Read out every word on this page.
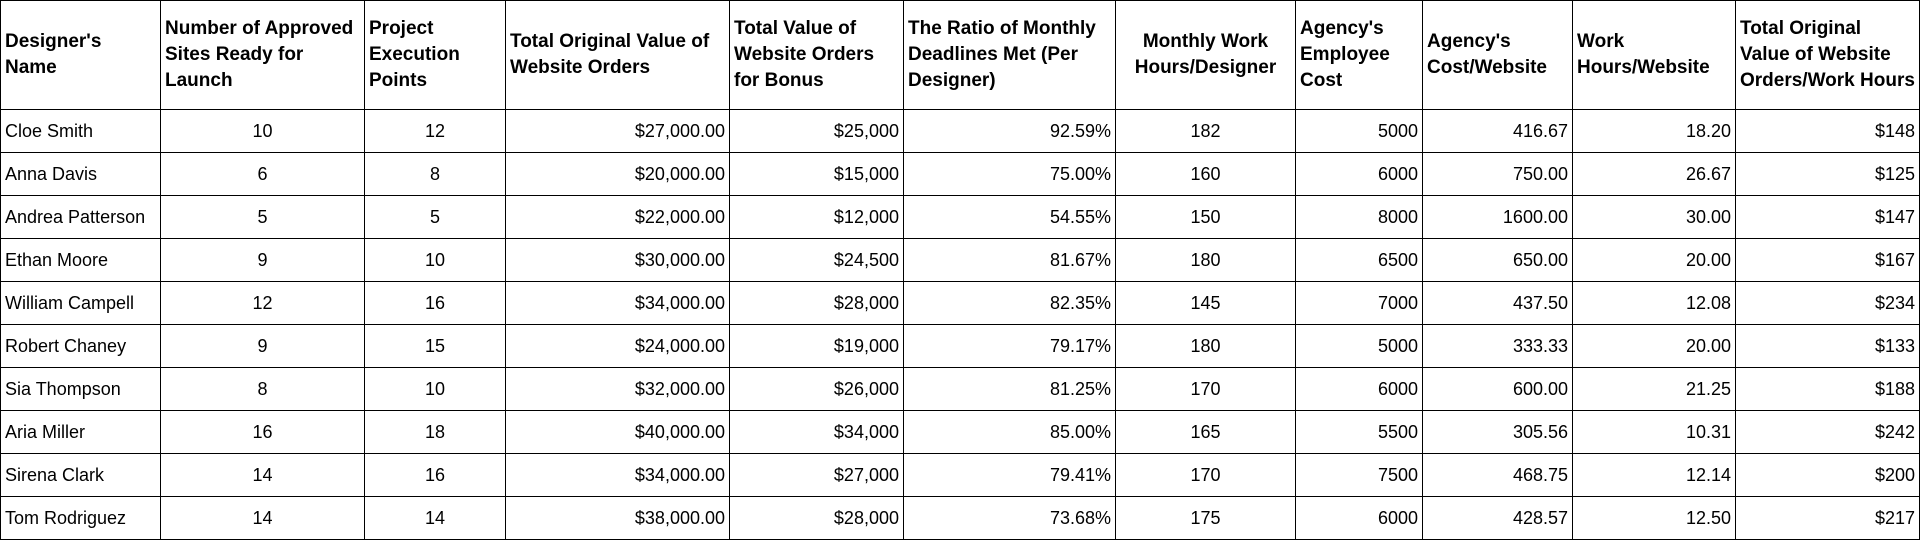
Designer's Name	Number of Approved Sites Ready for Launch	Project Execution Points	Total Original Value of Website Orders	Total Value of Website Orders for Bonus	The Ratio of Monthly Deadlines Met (Per Designer)	Monthly Work Hours/Designer	Agency's Employee Cost	Agency's Cost/Website	Work Hours/Website	Total Original Value of Website Orders/Work Hours
Cloe Smith	10	12	$27,000.00	$25,000	92.59%	182	5000	416.67	18.20	$148
Anna Davis	6	8	$20,000.00	$15,000	75.00%	160	6000	750.00	26.67	$125
Andrea Patterson	5	5	$22,000.00	$12,000	54.55%	150	8000	1600.00	30.00	$147
Ethan Moore	9	10	$30,000.00	$24,500	81.67%	180	6500	650.00	20.00	$167
William Campell	12	16	$34,000.00	$28,000	82.35%	145	7000	437.50	12.08	$234
Robert Chaney	9	15	$24,000.00	$19,000	79.17%	180	5000	333.33	20.00	$133
Sia Thompson	8	10	$32,000.00	$26,000	81.25%	170	6000	600.00	21.25	$188
Aria Miller	16	18	$40,000.00	$34,000	85.00%	165	5500	305.56	10.31	$242
Sirena Clark	14	16	$34,000.00	$27,000	79.41%	170	7500	468.75	12.14	$200
Tom Rodriguez	14	14	$38,000.00	$28,000	73.68%	175	6000	428.57	12.50	$217
